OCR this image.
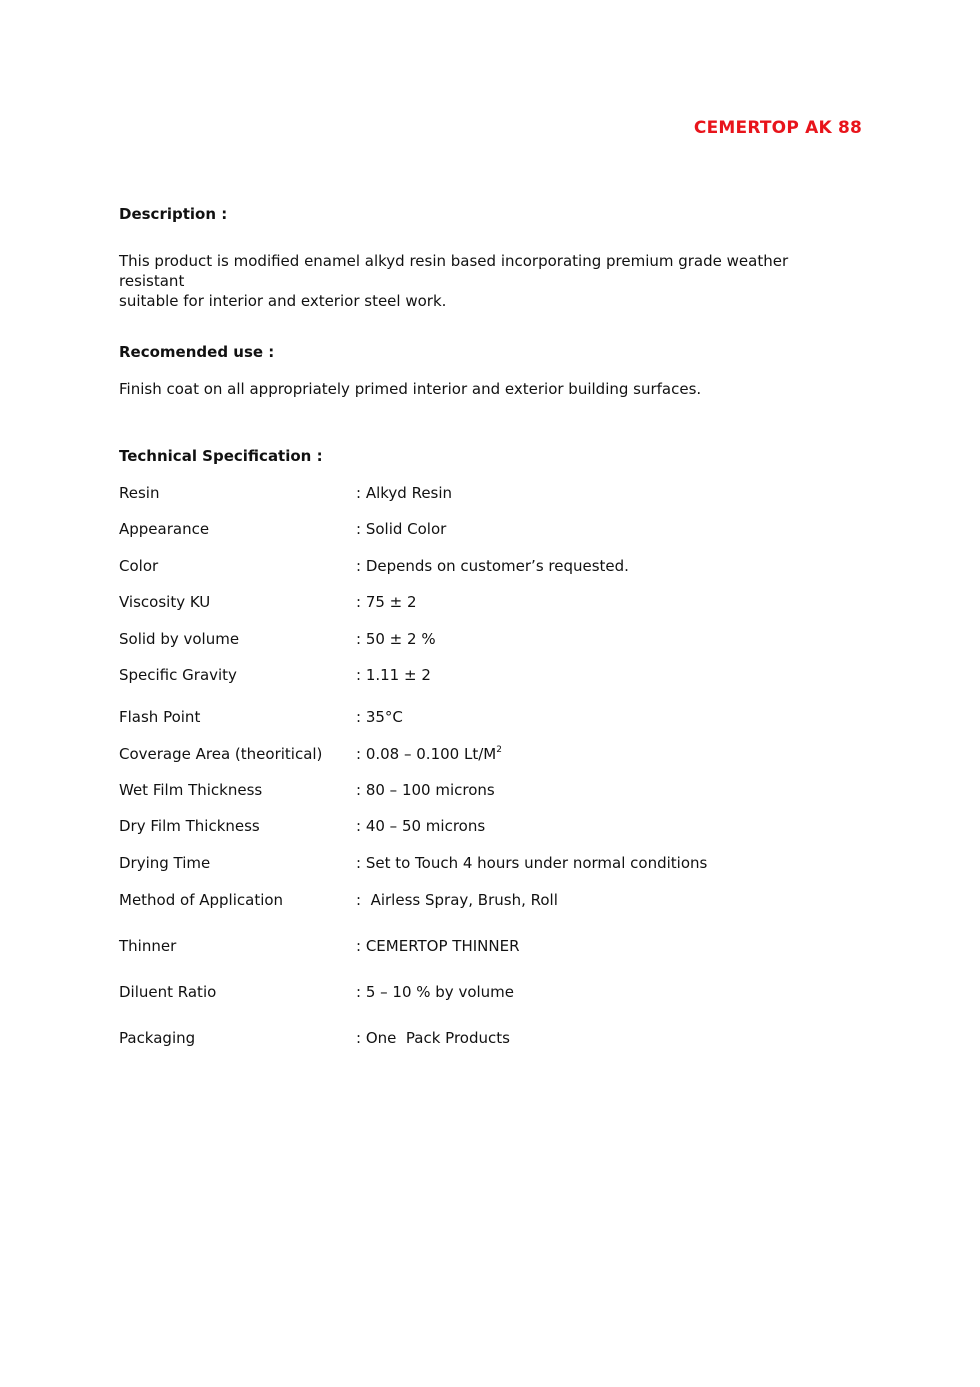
CEMERTOP AK 88
Description :
This product is modified enamel alkyd resin based incorporating premium grade weather resistant
suitable for interior and exterior steel work.
Recomended use :
Finish coat on all appropriately primed interior and exterior building surfaces.
Technical Specification :
Resin	: Alkyd Resin
Appearance	: Solid Color
Color	: Depends on customer’s requested.
Viscosity KU	: 75 ± 2
Solid by volume	: 50 ± 2 %
Specific Gravity	: 1.11 ± 2
Flash Point	: 35°C
Coverage Area (theoritical) : 0.08 – 0.100 $Lt/M^2$
Wet Film Thickness	: 80 – 100 microns
Dry Film Thickness	: 40 – 50 microns
Drying Time	: Set to Touch 4 hours under normal conditions
Method of Application	:  Airless Spray, Brush, Roll
Thinner	: CEMERTOP THINNER
Diluent Ratio	: 5 – 10 % by volume
Packaging	: One  Pack Products
